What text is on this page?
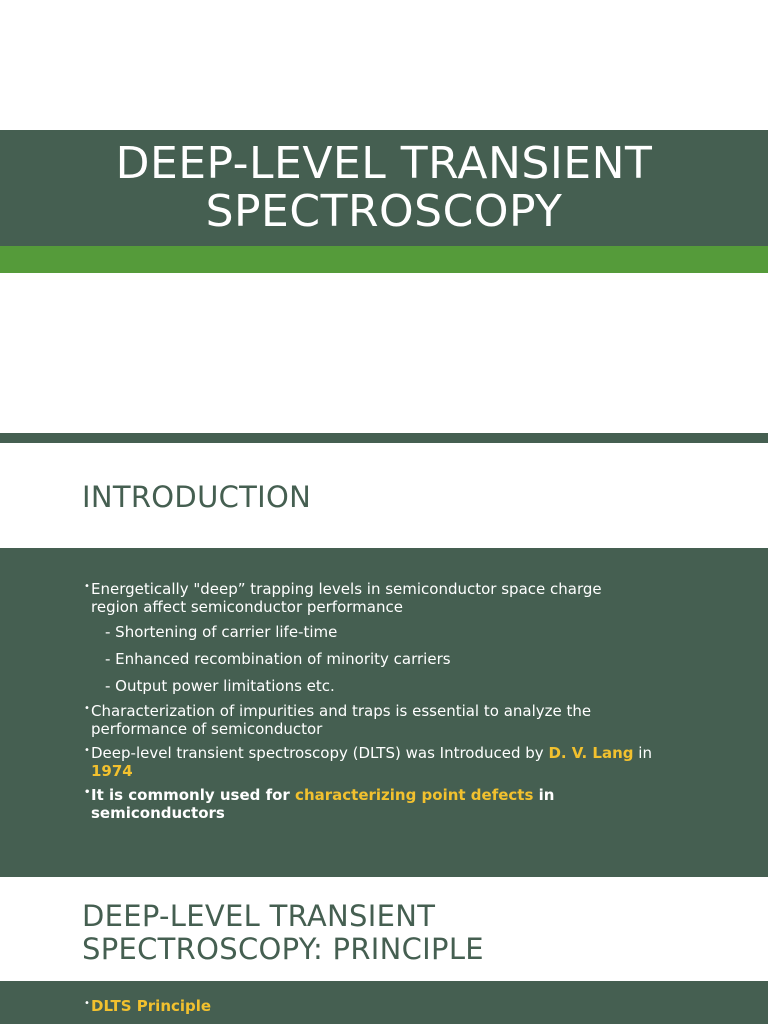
DEEP-LEVEL TRANSIENT
SPECTROSCOPY
INTRODUCTION
• Energetically "deep” trapping levels in semiconductor space charge
region affect semiconductor performance
- Shortening of carrier life-time
- Enhanced recombination of minority carriers
- Output power limitations etc.
• Characterization of impurities and traps is essential to analyze the
performance of semiconductor
• Deep-level transient spectroscopy (DLTS) was Introduced by D. V. Lang in
1974
• It is commonly used for characterizing point defects in
semiconductors
DEEP-LEVEL TRANSIENT
SPECTROSCOPY: PRINCIPLE
• DLTS Principle
